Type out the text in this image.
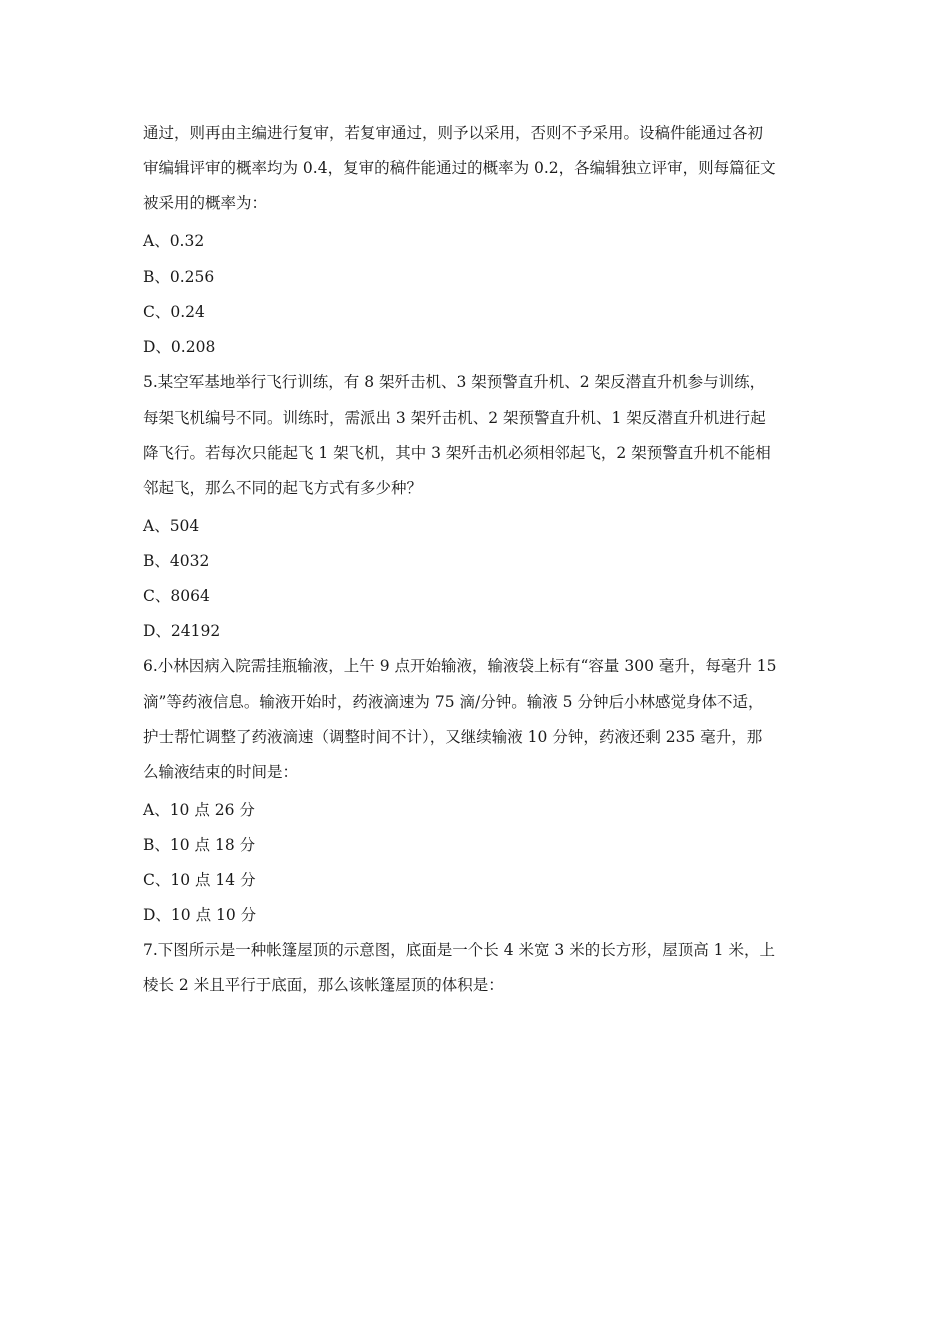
通过，则再由主编进行复审，若复审通过，则予以采用，否则不予采用。设稿件能通过各初
审编辑评审的概率均为 0.4，复审的稿件能通过的概率为 0.2，各编辑独立评审，则每篇征文
被采用的概率为：
A、0.32
B、0.256
C、0.24
D、0.208
5.某空军基地举行飞行训练，有 8 架歼击机、3 架预警直升机、2 架反潜直升机参与训练，
每架飞机编号不同。训练时，需派出 3 架歼击机、2 架预警直升机、1 架反潜直升机进行起
降飞行。若每次只能起飞 1 架飞机，其中 3 架歼击机必须相邻起飞，2 架预警直升机不能相
邻起飞，那么不同的起飞方式有多少种？
A、504
B、4032
C、8064
D、24192
6.小林因病入院需挂瓶输液，上午 9 点开始输液，输液袋上标有“容量 300 毫升，每毫升 15
滴”等药液信息。输液开始时，药液滴速为 75 滴/分钟。输液 5 分钟后小林感觉身体不适，
护士帮忙调整了药液滴速（调整时间不计），又继续输液 10 分钟，药液还剩 235 毫升，那
么输液结束的时间是：
A、10 点 26 分
B、10 点 18 分
C、10 点 14 分
D、10 点 10 分
7.下图所示是一种帐篷屋顶的示意图，底面是一个长 4 米宽 3 米的长方形，屋顶高 1 米，上
棱长 2 米且平行于底面，那么该帐篷屋顶的体积是：
